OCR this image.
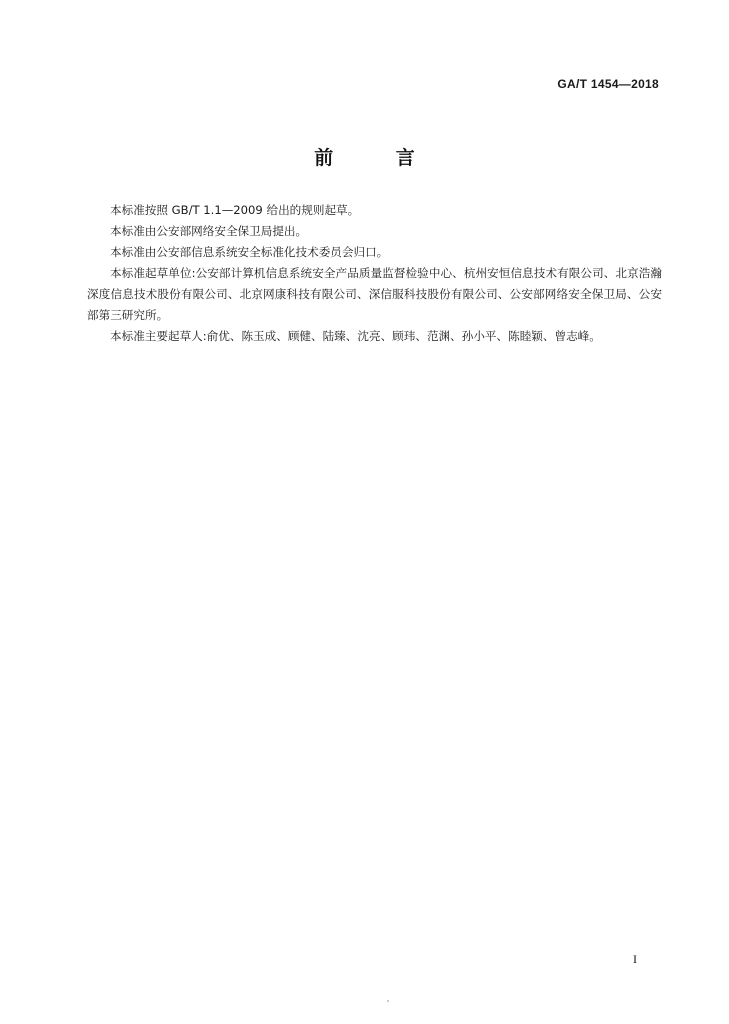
GA/T 1454—2018
前 言

本标准按照 GB/T 1.1—2009 给出的规则起草。

本标准由公安部网络安全保卫局提出。

本标准由公安部信息系统安全标准化技术委员会归口。

本标准起草单位:公安部计算机信息系统安全产品质量监督检验中心、杭州安恒信息技术有限公司、北京浩瀚深度信息技术股份有限公司、北京网康科技有限公司、深信服科技股份有限公司、公安部网络安全保卫局、公安部第三研究所。

本标准主要起草人:俞优、陈玉成、顾健、陆臻、沈亮、顾玮、范渊、孙小平、陈睦颖、曾志峰。

I
